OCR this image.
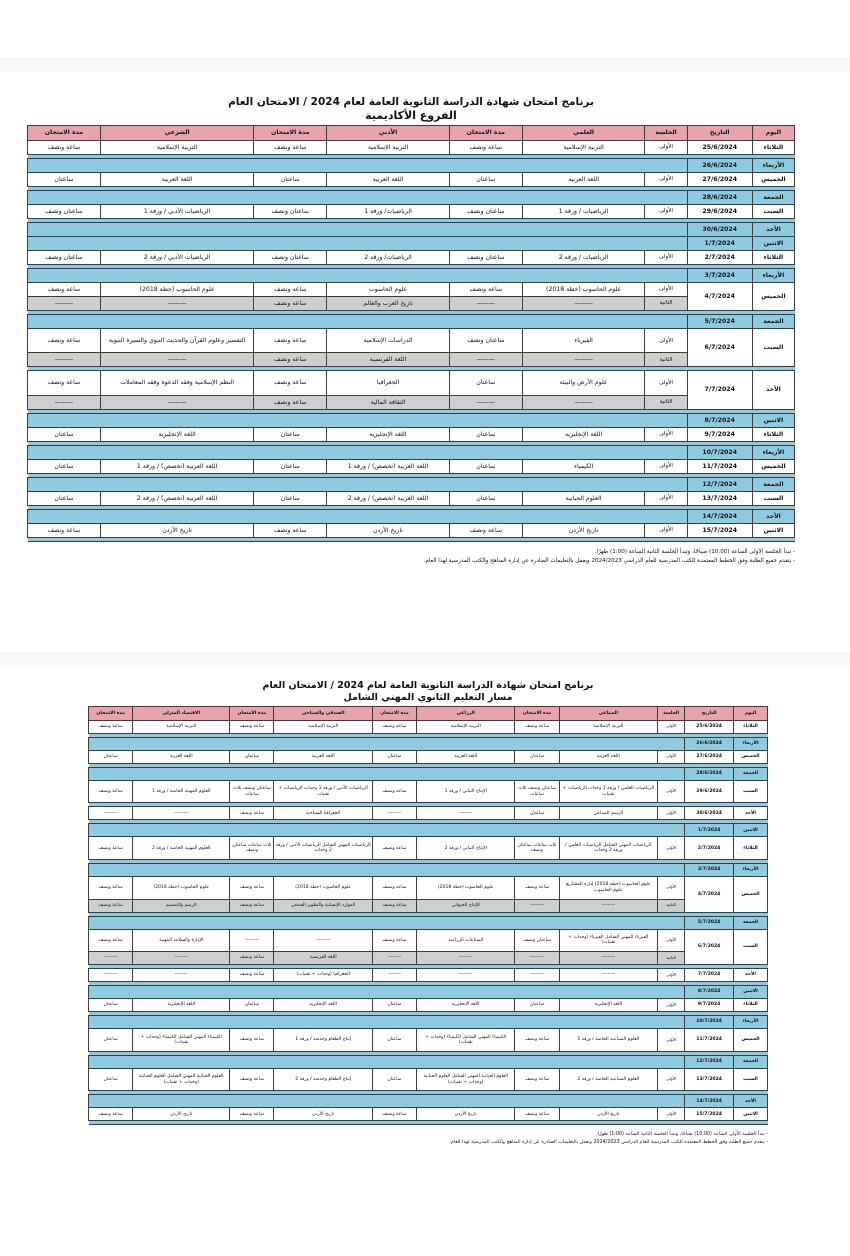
برنامج امتحان شهادة الدراسة الثانوية العامة لعام 2024 / الامتحان العام
الفروع الأكاديمية
اليوم	التاريخ	الجلسة	العلمي	مدة الامتحان	الأدبي	مدة الامتحان	الشرعي	مدة الامتحان
الثلاثاء	25/6/2024	الأولى	التربية الإسلامية	ساعة ونصف	التربية الإسلامية	ساعة ونصف	التربية الإسلامية	ساعة ونصف

الأربعاء	26/6/2024							
الخميس	27/6/2024	الأولى	اللغة العربية	ساعتان	اللغة العربية	ساعتان	اللغة العربية	ساعتان

الجمعة	28/6/2024							
السبت	29/6/2024	الأولى	الرياضيات / ورقة 1	ساعتان ونصف	الرياضيات/ ورقة 1	ساعتان ونصف	الرياضيات الأدبي / ورقة 1	ساعتان ونصف

الأحد	30/6/2024							
الاثنين	1/7/2024							
الثلاثاء	2/7/2024	الأولى	الرياضيات / ورقة 2	ساعتان ونصف	الرياضيات/ ورقة 2	ساعتان ونصف	الرياضيات الأدبي / ورقة 2	ساعتان ونصف

الأربعاء	3/7/2024							
الخميس	4/7/2024	الأولى	علوم الحاسوب (خطة 2018)	ساعة ونصف	علوم الحاسوب	ساعة ونصف	علوم الحاسوب (خطة 2018)	ساعة ونصف
		الثانية	———	———	تاريخ العرب والعالم	ساعة ونصف	———	———

الجمعة	5/7/2024							
السبت	6/7/2024	الأولى	الفيزياء	ساعتان ونصف	الدراسات الإسلامية	ساعة ونصف	التفسير وعلوم القرآن والحديث النبوي والسيرة النبوية	ساعة ونصف
		الثانية	———	———	اللغة الفرنسية	ساعة ونصف	———	———

الأحد	7/7/2024	الأولى	علوم الأرض والبيئة	ساعتان	الجغرافيا	ساعة ونصف	النظم الإسلامية وفقه الدعوة وفقه المعاملات	ساعة ونصف
		الثانية	———	———	الثقافة المالية	ساعة ونصف	———	———

الاثنين	8/7/2024							
الثلاثاء	9/7/2024	الأولى	اللغة الإنجليزية	ساعتان	اللغة الإنجليزية	ساعتان	اللغة الإنجليزية	ساعتان

الأربعاء	10/7/2024							
الخميس	11/7/2024	الأولى	الكيمياء	ساعتان	اللغة العربية (تخصص) / ورقة 1	ساعتان	اللغة العربية (تخصص) / ورقة 1	ساعتان

الجمعة	12/7/2024							
السبت	13/7/2024	الأولى	العلوم الحياتية	ساعتان	اللغة العربية (تخصص) / ورقة 2	ساعتان	اللغة العربية (تخصص) / ورقة 2	ساعتان

الأحد	14/7/2024							
الاثنين	15/7/2024	الأولى	تاريخ الأردن	ساعة ونصف	تاريخ الأردن	ساعة ونصف	تاريخ الأردن	ساعة ونصف

- تبدأ الجلسة الأولى الساعة (10:00) صباحًا، وتبدأ الجلسة الثانية الساعة (1:00) ظهرًا.
- يتقدم جميع الطلبة وفق الخطط المعتمدة للكتب المدرسية للعام الدراسي 2024/2023 ويعمل بالتعليمات الصادرة عن إدارة المناهج والكتب المدرسية لهذا العام.
برنامج امتحان شهادة الدراسة الثانوية العامة لعام 2024 / الامتحان العام
مسار التعليم الثانوي المهني الشامل
اليوم	التاريخ	الجلسة	الصناعي	مدة الامتحان	الزراعي	مدة الامتحان	الفندقي والسياحي	مدة الامتحان	الاقتصاد المنزلي	مدة الامتحان
الثلاثاء	25/6/2024	الأولى	التربية الإسلامية	ساعة ونصف	التربية الإسلامية	ساعة ونصف	التربية الإسلامية	ساعة ونصف	التربية الإسلامية	ساعة ونصف

الأربعاء	26/6/2024									
الخميس	27/6/2024	الأولى	اللغة العربية	ساعتان	اللغة العربية	ساعتان	اللغة العربية	ساعتان	اللغة العربية	ساعتان

الجمعة	28/6/2024									
السبت	29/6/2024	الأولى	الرياضيات العلمي / ورقة 1 وحدات الرياضيات + تقنيات	ساعتان ونصف ثلاث ساعات	الإنتاج النباتي / ورقة 1	ساعة ونصف	الرياضيات الأدبي / ورقة 1 وحدات الرياضيات + تقنيات	ساعتان ونصف ثلاث ساعات	العلوم المهنية الخاصة / ورقة 1	ساعة ونصف

الأحد	30/6/2024	الأولى	الرسم الصناعي	ساعتان	———	———	الجغرافيا السياحية	ساعة ونصف	———	———

الاثنين	1/7/2024									
الثلاثاء	2/7/2024	الأولى	الرياضيات المهني الشامل الرياضيات العلمي / ورقة 2 وحدات	ثلاث ساعات ساعتان ونصف	الإنتاج النباتي / ورقة 2	ساعة ونصف	الرياضيات المهني الشامل الرياضيات الأدبي / ورقة 2 وحدات	ثلاث ساعات ساعتان ونصف	العلوم المهنية الخاصة / ورقة 2	ساعة ونصف

الأربعاء	3/7/2024									
الخميس	4/7/2024	الأولى	علوم الحاسوب (خطة 2018) إدارة المشاريع علوم الحاسوب	ساعة ونصف	علوم الحاسوب (خطة 2018)	ساعة ونصف	علوم الحاسوب (خطة 2018)	ساعة ونصف	علوم الحاسوب (خطة 2018)	ساعة ونصف
		الثانية	———	———	الإنتاج الحيواني	ساعة ونصف	الموارد الإنسانية والتطوير الفندقي	ساعة ونصف	الرسم والتصميم	ساعة ونصف

الجمعة	5/7/2024									
السبت	6/7/2024	الأولى	الفيزياء المهني الشامل الفيزياء (وحدات + تقنيات)	ساعتان ونصف	الصناعات الزراعية	ساعة ونصف	———	———	الإدارة والسلامة المهنية	ساعة ونصف
		الثانية	———	———	———	———	اللغة الفرنسية	ساعة ونصف	———	———

الأحد	7/7/2024	الأولى	———	———	———	———	الجغرافيا (وحدات + تقنيات)	ساعة ونصف	———	———

الاثنين	8/7/2024									
الثلاثاء	9/7/2024	الأولى	اللغة الإنجليزية	ساعتان	اللغة الإنجليزية	ساعتان	اللغة الإنجليزية	ساعتان	اللغة الإنجليزية	ساعتان

الأربعاء	10/7/2024									
الخميس	11/7/2024	الأولى	العلوم الصناعية الخاصة / ورقة 1	ساعة ونصف	الكيمياء المهني الشامل الكيمياء (وحدات + تقنيات)	ساعتان	إنتاج الطعام وخدمته / ورقة 1	ساعة ونصف	الكيمياء المهني الشامل الكيمياء (وحدات + تقنيات)	ساعتان

الجمعة	12/7/2024									
السبت	13/7/2024	الأولى	العلوم الصناعية الخاصة / ورقة 2	ساعة ونصف	العلوم الحياتية المهني الشامل العلوم الحياتية (وحدات + تقنيات)	ساعتان	إنتاج الطعام وخدمته / ورقة 2	ساعة ونصف	العلوم الحياتية المهني الشامل العلوم الحياتية (وحدات + تقنيات)	ساعتان

الأحد	14/7/2024									
الاثنين	15/7/2024	الأولى	تاريخ الأردن	ساعة ونصف	تاريخ الأردن	ساعة ونصف	تاريخ الأردن	ساعة ونصف	تاريخ الأردن	ساعة ونصف

- تبدأ الجلسة الأولى الساعة (10:00) صباحًا، وتبدأ الجلسة الثانية الساعة (1:00) ظهرًا.
- يتقدم جميع الطلبة وفق الخطط المعتمدة للكتب المدرسية للعام الدراسي 2024/2023 ويعمل بالتعليمات الصادرة عن إدارة المناهج والكتب المدرسية لهذا العام.
